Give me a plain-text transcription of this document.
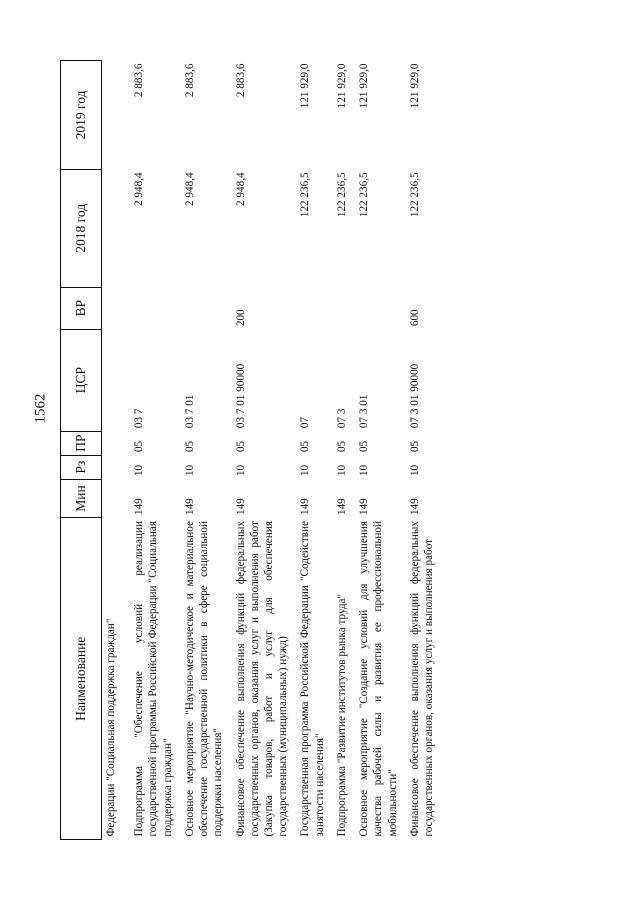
1562
Наименование	Мин	Рз	ПР	ЦСР	ВР	2018 год	2019 год
Федерации "Социальная поддержка граждан"							
Подпрограмма "Обеспечение условий реализации государственной программы Российской Федерации "Социальная поддержка граждан"	149	10	05	03 7		2 948,4	2 883,6
Основное мероприятие "Научно-методическое и материальное обеспечение государственной политики в сфере социальной поддержки населения"	149	10	05	03 7 01		2 948,4	2 883,6
Финансовое обеспечение выполнения функций федеральных государственных органов, оказания услуг и выполнения работ (Закупка товаров, работ и услуг для обеспечения государственных (муниципальных) нужд)	149	10	05	03 7 01 90000	200	2 948,4	2 883,6
Государственная программа Российской Федерации "Содействие занятости населения"	149	10	05	07		122 236,5	121 929,0
Подпрограмма "Развитие институтов рынка труда"	149	10	05	07 3		122 236,5	121 929,0
Основное мероприятие "Создание условий для улучшения качества рабочей силы и развития ее профессиональной мобильности"	149	10	05	07 3 01		122 236,5	121 929,0
Финансовое обеспечение выполнения функций федеральных государственных органов, оказания услуг и выполнения работ	149	10	05	07 3 01 90000	600	122 236,5	121 929,0
